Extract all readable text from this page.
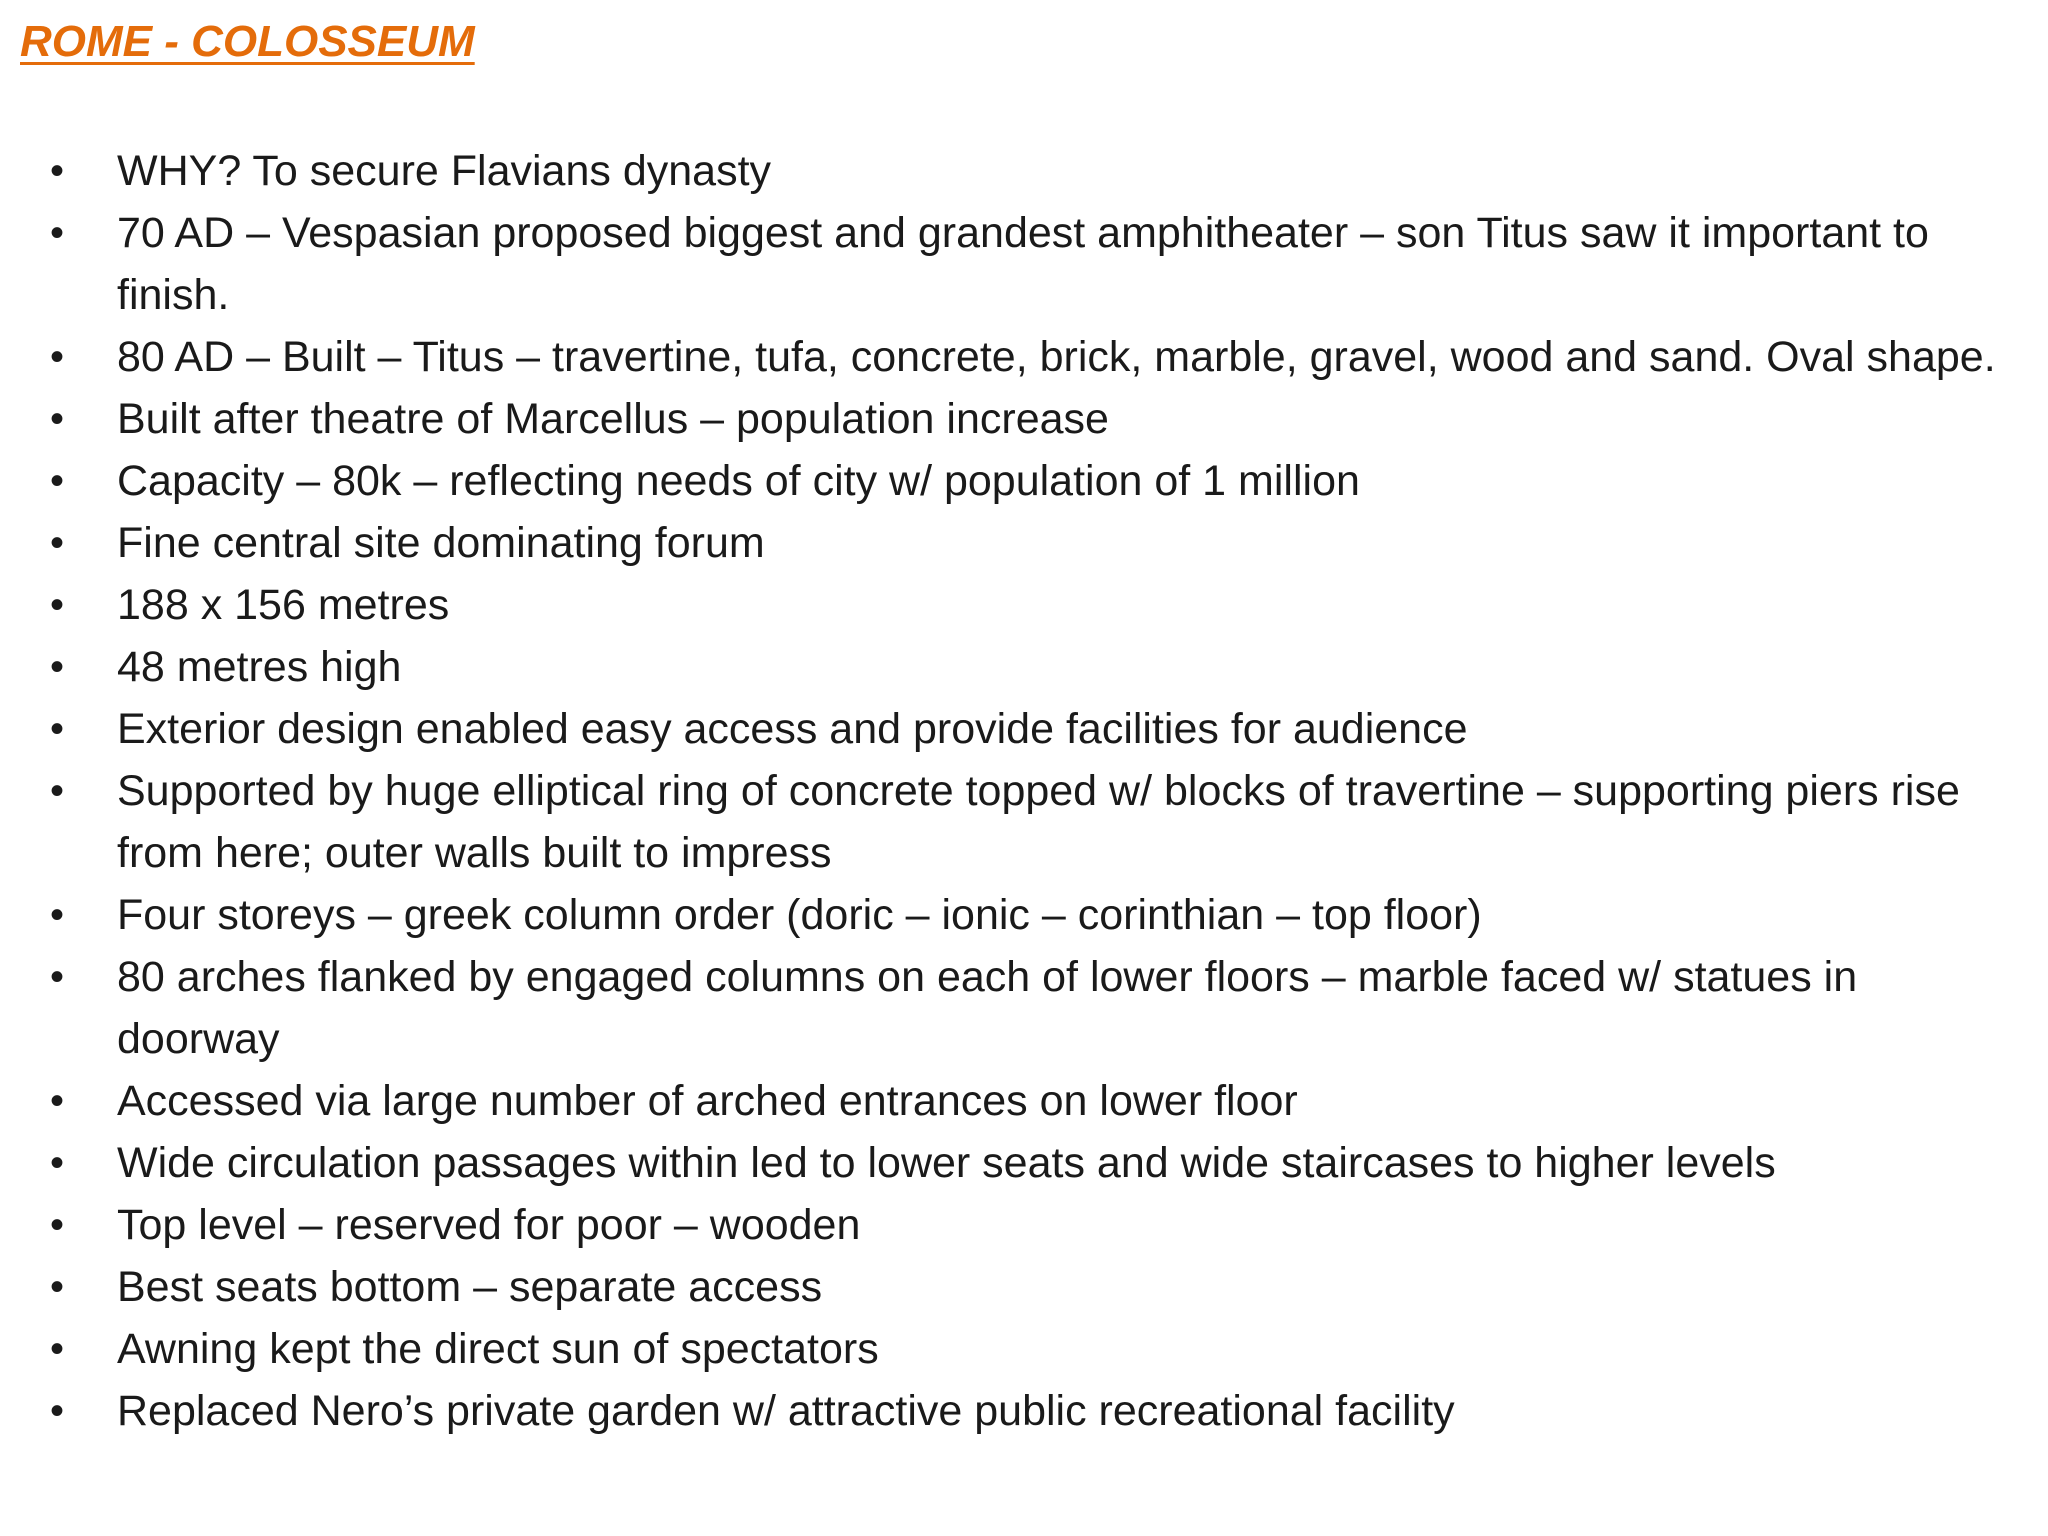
ROME - COLOSSEUM
•	WHY? To secure Flavians dynasty
•	70 AD – Vespasian proposed biggest and grandest amphitheater – son Titus saw it important to finish.
•	80 AD – Built – Titus – travertine, tufa, concrete, brick, marble, gravel, wood and sand. Oval shape.
•	Built after theatre of Marcellus – population increase
•	Capacity – 80k – reflecting needs of city w/ population of 1 million
•	Fine central site dominating forum
•	188 x 156 metres
•	48 metres high
•	Exterior design enabled easy access and provide facilities for audience
•	Supported by huge elliptical ring of concrete topped w/ blocks of travertine – supporting piers rise from here; outer walls built to impress
•	Four storeys – greek column order (doric – ionic – corinthian – top floor)
•	80 arches flanked by engaged columns on each of lower floors – marble faced w/ statues in doorway
•	Accessed via large number of arched entrances on lower floor
•	Wide circulation passages within led to lower seats and wide staircases to higher levels
•	Top level – reserved for poor – wooden
•	Best seats bottom – separate access
•	Awning kept the direct sun of spectators
•	Replaced Nero’s private garden w/ attractive public recreational facility
